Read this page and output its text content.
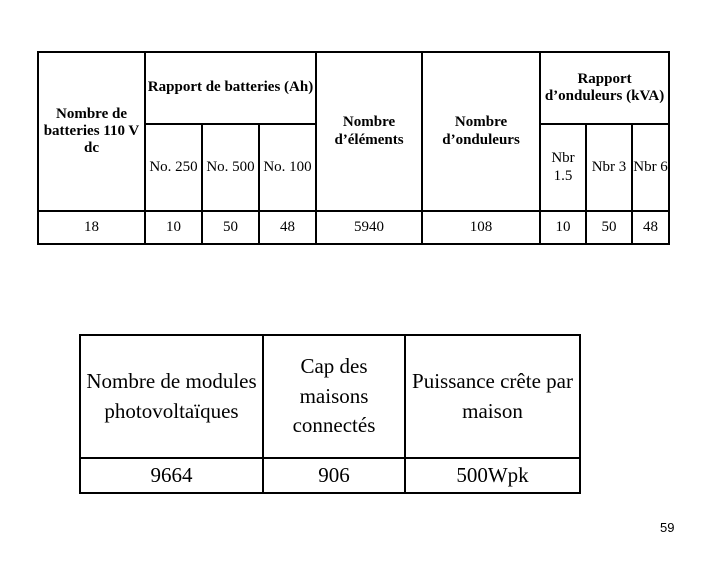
Nombre de batteries 110 V dc	Rapport de batteries (Ah)			Nombre d’éléments	Nombre d’onduleurs	Rapport d’onduleurs (kVA)		
	No. 250	No. 500	No. 100			Nbr 1.5	Nbr 3	Nbr 6
18	10	50	48	5940	108	10	50	48
Nombre de modules photovoltaïques	Cap des maisons connectés	Puissance crête par maison
9664	906	500Wpk
59
